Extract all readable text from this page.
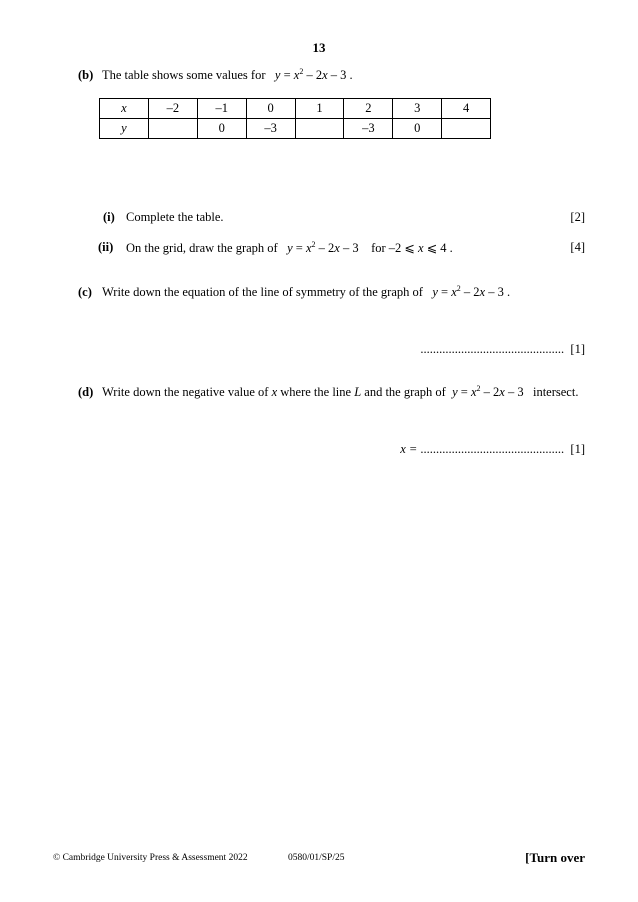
13
(b) The table shows some values for $y = x^2 - 2x - 3$ .
x	–2	–1	0	1	2	3	4
y		0	–3		–3	0	
(i) Complete the table.	[2]
(ii) On the grid, draw the graph of $y = x^2 - 2x - 3$    for –2 ⩽ x ⩽ 4 .	[4]
(c) Write down the equation of the line of symmetry of the graph of $y = x^2 - 2x - 3$ .
.............................................. [1]
(d) Write down the negative value of x where the line L and the graph of $y = x^2 - 2x - 3$   intersect.
x = .............................................. [1]
© Cambridge University Press & Assessment 2022	0580/01/SP/25	[Turn over
